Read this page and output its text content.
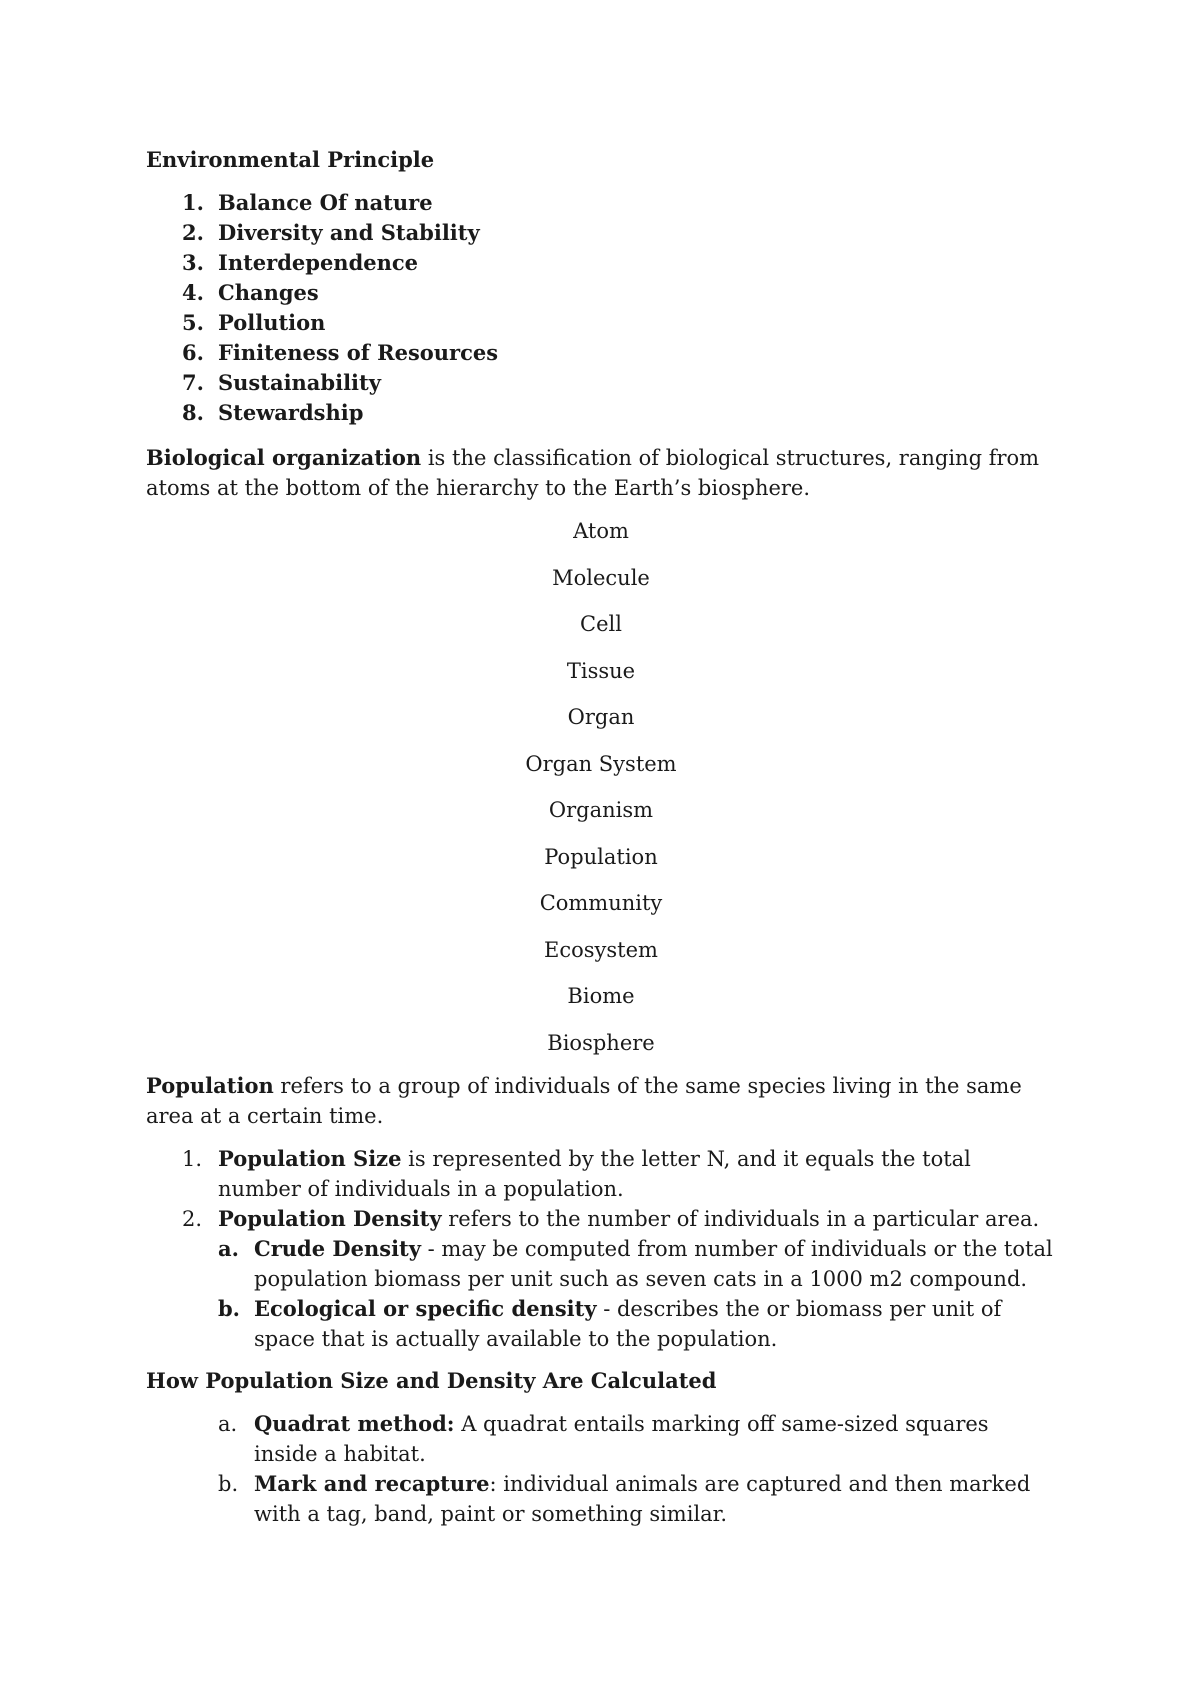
Environmental Principle

1. Balance Of nature
2. Diversity and Stability
3. Interdependence
4. Changes
5. Pollution
6. Finiteness of Resources
7. Sustainability
8. Stewardship

Biological organization is the classification of biological structures, ranging from atoms at the bottom of the hierarchy to the Earth’s biosphere.

Atom
Molecule
Cell
Tissue
Organ
Organ System
Organism
Population
Community
Ecosystem
Biome
Biosphere

Population refers to a group of individuals of the same species living in the same area at a certain time.

1. Population Size is represented by the letter N, and it equals the total number of individuals in a population.
2. Population Density refers to the number of individuals in a particular area.
a. Crude Density - may be computed from number of individuals or the total population biomass per unit such as seven cats in a 1000 m2 compound.
b. Ecological or specific density - describes the or biomass per unit of space that is actually available to the population.

How Population Size and Density Are Calculated

a. Quadrat method: A quadrat entails marking off same-sized squares inside a habitat.
b. Mark and recapture: individual animals are captured and then marked with a tag, band, paint or something similar.
